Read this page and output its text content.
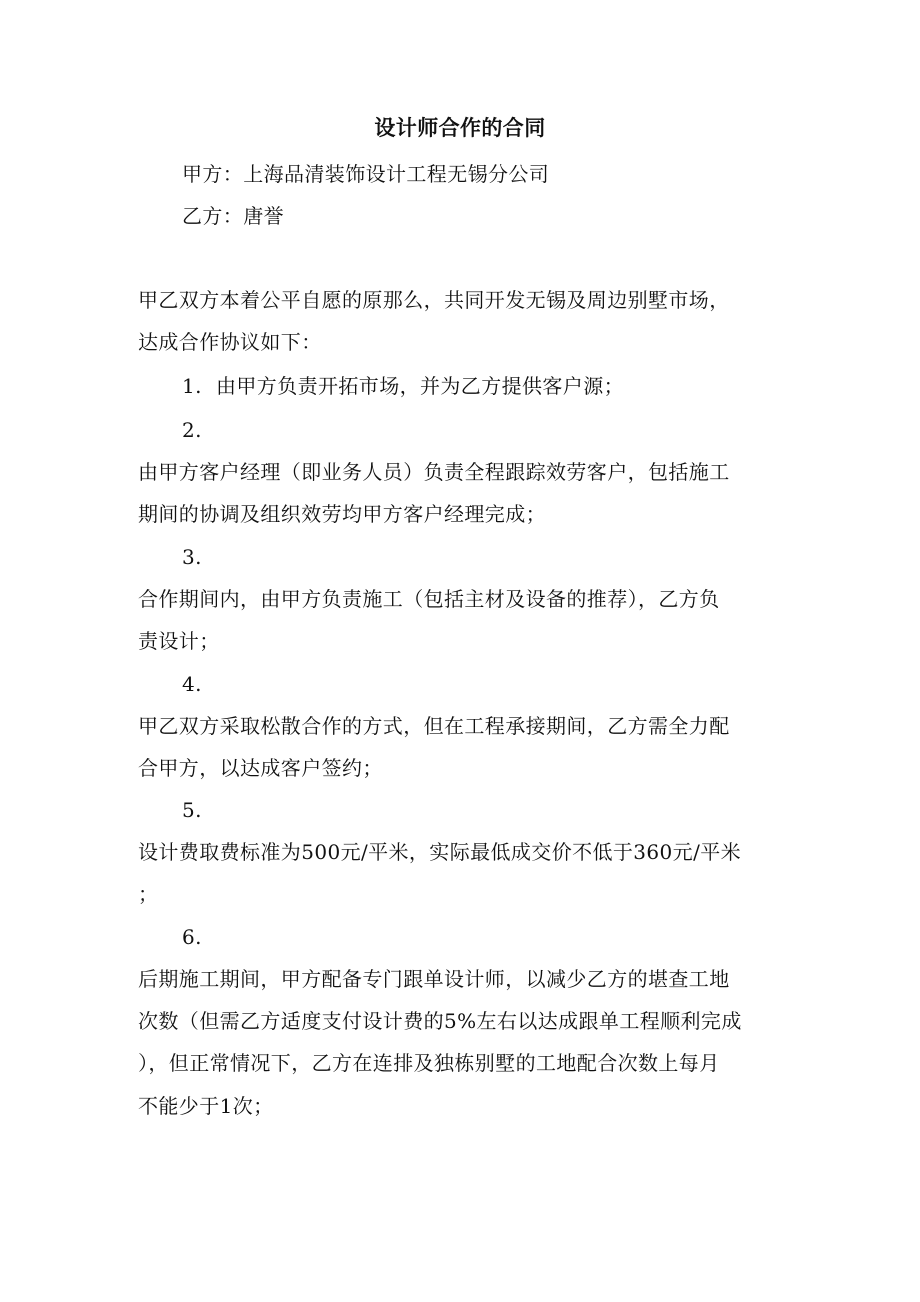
设计师合作的合同
甲方：上海品清装饰设计工程无锡分公司
乙方：唐誉
甲乙双方本着公平自愿的原那么，共同开发无锡及周边别墅市场，
达成合作协议如下：
1. 由甲方负责开拓市场，并为乙方提供客户源；
2.
由甲方客户经理（即业务人员）负责全程跟踪效劳客户，包括施工
期间的协调及组织效劳均甲方客户经理完成；
3.
合作期间内，由甲方负责施工（包括主材及设备的推荐），乙方负
责设计；
4.
甲乙双方采取松散合作的方式，但在工程承接期间，乙方需全力配
合甲方，以达成客户签约；
5.
设计费取费标准为500元/平米，实际最低成交价不低于360元/平米
；
6.
后期施工期间，甲方配备专门跟单设计师，以减少乙方的堪查工地
次数（但需乙方适度支付设计费的5%左右以达成跟单工程顺利完成
），但正常情况下，乙方在连排及独栋别墅的工地配合次数上每月
不能少于1次；
